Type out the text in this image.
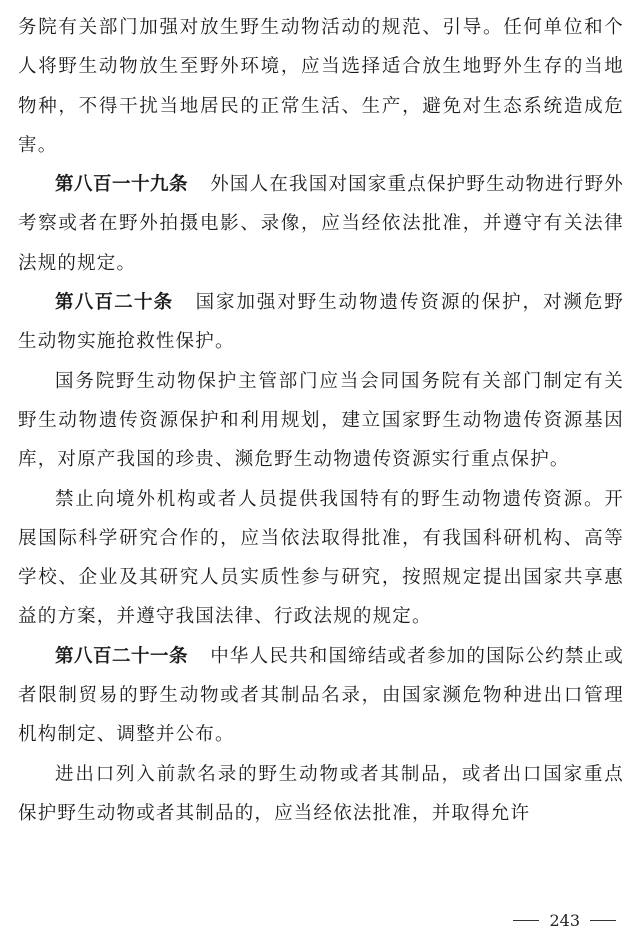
务院有关部门加强对放生野生动物活动的规范、引导。任何单位和个人将野生动物放生至野外环境，应当选择适合放生地野外生存的当地物种，不得干扰当地居民的正常生活、生产，避免对生态系统造成危害。

第八百一十九条 外国人在我国对国家重点保护野生动物进行野外考察或者在野外拍摄电影、录像，应当经依法批准，并遵守有关法律法规的规定。

第八百二十条 国家加强对野生动物遗传资源的保护，对濒危野生动物实施抢救性保护。

国务院野生动物保护主管部门应当会同国务院有关部门制定有关野生动物遗传资源保护和利用规划，建立国家野生动物遗传资源基因库，对原产我国的珍贵、濒危野生动物遗传资源实行重点保护。

禁止向境外机构或者人员提供我国特有的野生动物遗传资源。开展国际科学研究合作的，应当依法取得批准，有我国科研机构、高等学校、企业及其研究人员实质性参与研究，按照规定提出国家共享惠益的方案，并遵守我国法律、行政法规的规定。

第八百二十一条 中华人民共和国缔结或者参加的国际公约禁止或者限制贸易的野生动物或者其制品名录，由国家濒危物种进出口管理机构制定、调整并公布。

进出口列入前款名录的野生动物或者其制品，或者出口国家重点保护野生动物或者其制品的，应当经依法批准，并取得允许

243
